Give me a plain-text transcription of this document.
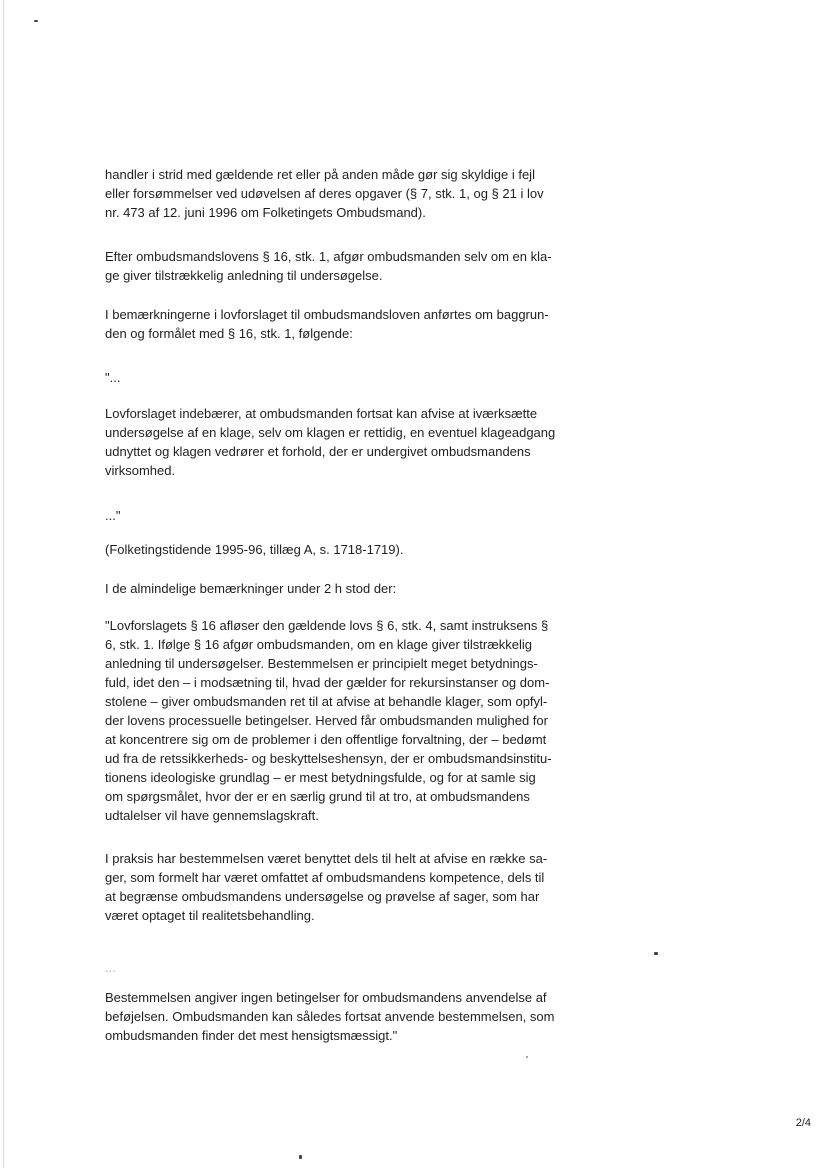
handler i strid med gældende ret eller på anden måde gør sig skyldige i fejl
eller forsømmelser ved udøvelsen af deres opgaver (§ 7, stk. 1, og § 21 i lov
nr. 473 af 12. juni 1996 om Folketingets Ombudsmand).
Efter ombudsmandslovens § 16, stk. 1, afgør ombudsmanden selv om en kla-
ge giver tilstrækkelig anledning til undersøgelse.
I bemærkningerne i lovforslaget til ombudsmandsloven anførtes om baggrun-
den og formålet med § 16, stk. 1, følgende:
"...
Lovforslaget indebærer, at ombudsmanden fortsat kan afvise at iværksætte
undersøgelse af en klage, selv om klagen er rettidig, en eventuel klageadgang
udnyttet og klagen vedrører et forhold, der er undergivet ombudsmandens
virksomhed.
..."
(Folketingstidende 1995-96, tillæg A, s. 1718-1719).
I de almindelige bemærkninger under 2 h stod der:
"Lovforslagets § 16 afløser den gældende lovs § 6, stk. 4, samt instruksens §
6, stk. 1. Ifølge § 16 afgør ombudsmanden, om en klage giver tilstrækkelig
anledning til undersøgelser. Bestemmelsen er principielt meget betydnings-
fuld, idet den – i modsætning til, hvad der gælder for rekursinstanser og dom-
stolene – giver ombudsmanden ret til at afvise at behandle klager, som opfyl-
der lovens processuelle betingelser. Herved får ombudsmanden mulighed for
at koncentrere sig om de problemer i den offentlige forvaltning, der – bedømt
ud fra de retssikkerheds- og beskyttelseshensyn, der er ombudsmandsinstitu-
tionens ideologiske grundlag – er mest betydningsfulde, og for at samle sig
om spørgsmålet, hvor der er en særlig grund til at tro, at ombudsmandens
udtalelser vil have gennemslagskraft.
I praksis har bestemmelsen været benyttet dels til helt at afvise en række sa-
ger, som formelt har været omfattet af ombudsmandens kompetence, dels til
at begrænse ombudsmandens undersøgelse og prøvelse af sager, som har
været optaget til realitetsbehandling.
...
Bestemmelsen angiver ingen betingelser for ombudsmandens anvendelse af
beføjelsen. Ombudsmanden kan således fortsat anvende bestemmelsen, som
ombudsmanden finder det mest hensigtsmæssigt."
2/4
